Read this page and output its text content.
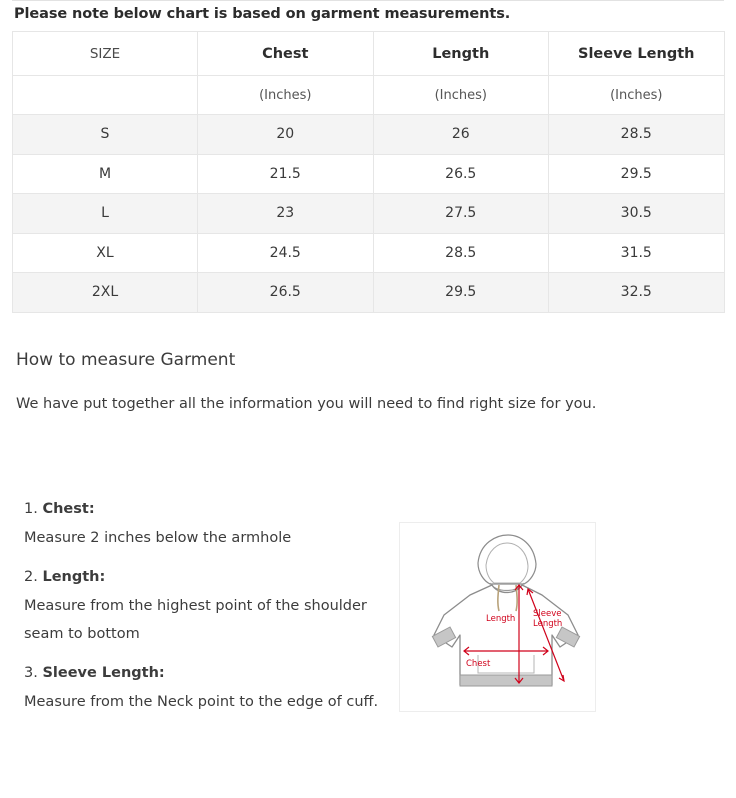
Please note below chart is based on garment measurements.
SIZE	Chest	Length	Sleeve Length
	(Inches)	(Inches)	(Inches)
S	20	26	28.5
M	21.5	26.5	29.5
L	23	27.5	30.5
XL	24.5	28.5	31.5
2XL	26.5	29.5	32.5
How to measure Garment
We have put together all the information you will need to find right size for you.
1. Chest:
Measure 2 inches below the armhole
2. Length:
Measure from the highest point of the shoulder seam to bottom
3. Sleeve Length:
Measure from the Neck point to the edge of cuff.
Chest
Length Sleeve
Length
